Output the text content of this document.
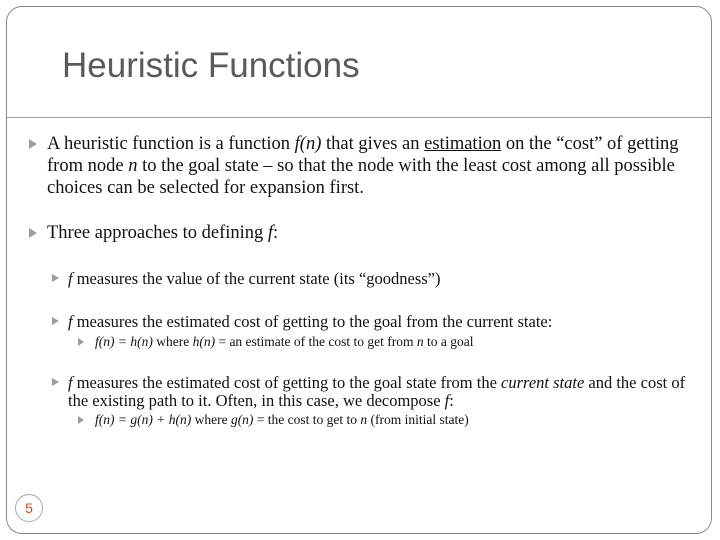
Heuristic Functions
A heuristic function is a function f(n) that gives an estimation on the “cost” of getting from node n to the goal state – so that the node with the least cost among all possible choices can be selected for expansion first.
Three approaches to defining f:
f measures the value of the current state (its “goodness”)
f measures the estimated cost of getting to the goal from the current state:
f(n) = h(n) where h(n) = an estimate of the cost to get from n to a goal
f measures the estimated cost of getting to the goal state from the current state and the cost of the existing path to it. Often, in this case, we decompose f:
f(n) = g(n) + h(n) where g(n) = the cost to get to n (from initial state)
5
